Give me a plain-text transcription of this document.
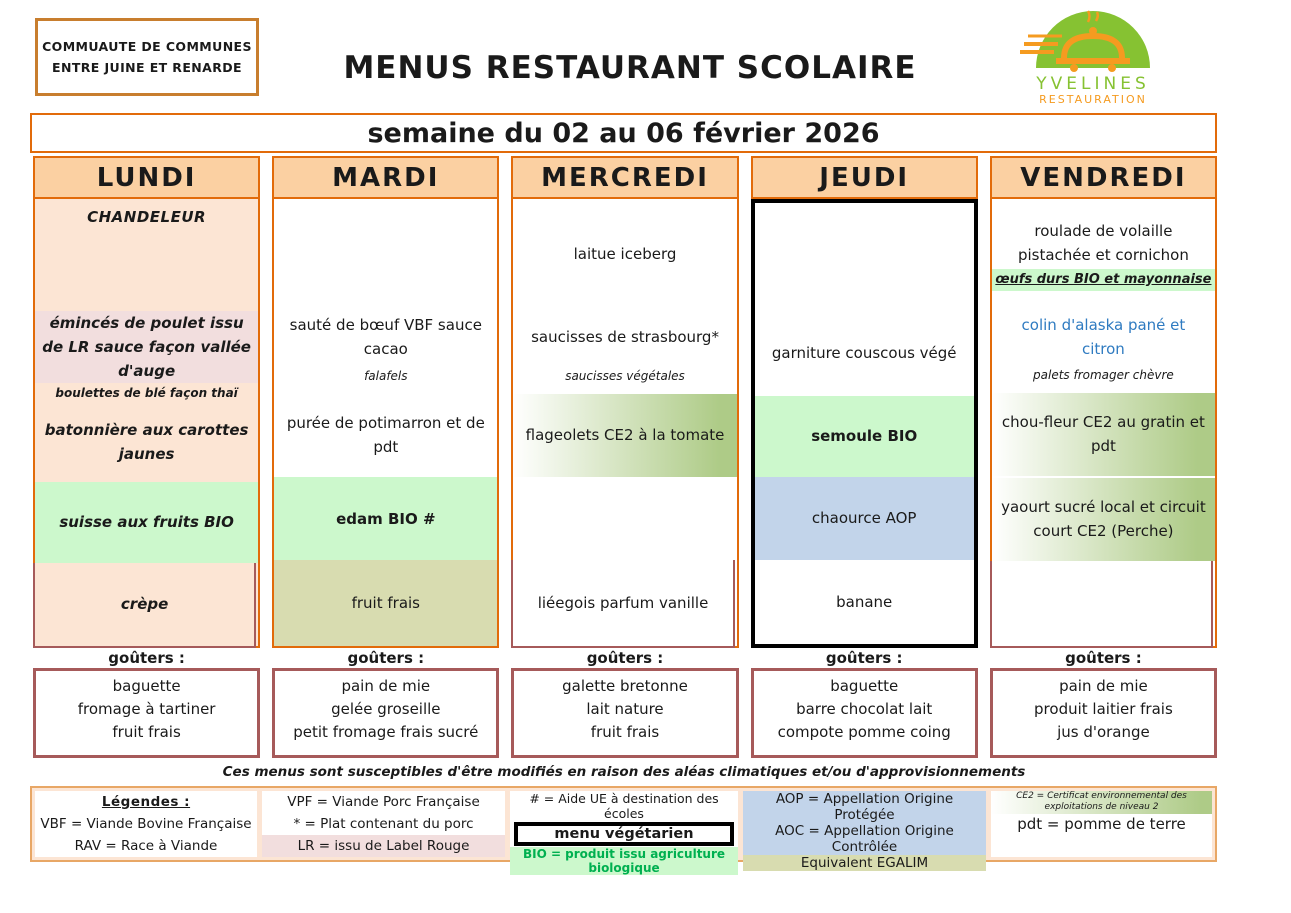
COMMUAUTE DE COMMUNES
ENTRE JUINE ET RENARDE	MENUS RESTAURANT SCOLAIRE	YVELINES
RESTAURATION
semaine du 02 au 06 février 2026
LUNDI
CHANDELEUR
émincés de poulet issu de LR sauce façon vallée d'auge
boulettes de blé façon thaï
batonnière aux carottes jaunes
suisse aux fruits BIO
crèpe
MARDI
sauté de bœuf VBF sauce cacao
falafels
purée de potimarron et de pdt
edam BIO #
fruit frais
MERCREDI
laitue iceberg
saucisses de strasbourg*
saucisses végétales
flageolets CE2 à la tomate
liéegois parfum vanille
JEUDI
garniture couscous végé
semoule BIO
chaource AOP
banane
VENDREDI
roulade de volaille pistachée et cornichon
œufs durs BIO et mayonnaise
colin d'alaska pané et citron
palets fromager chèvre
chou-fleur CE2 au gratin et pdt
yaourt sucré local et circuit court CE2 (Perche)
goûters :
baguette
fromage à tartiner
fruit frais
goûters :
pain de mie
gelée groseille
petit fromage frais sucré
goûters :
galette bretonne
lait nature
fruit frais
goûters :
baguette
barre chocolat lait
compote pomme coing
goûters :
pain de mie
produit laitier frais
jus d'orange
Ces menus sont susceptibles d'être modifiés en raison des aléas climatiques et/ou d'approvisionnements
Légendes :
VBF = Viande Bovine Française
RAV = Race à Viande
VPF = Viande Porc Française
* = Plat contenant du porc
LR = issu de Label Rouge
# = Aide UE à destination des écoles
menu végétarien
BIO = produit issu agriculture biologique
AOP = Appellation Origine Protégée
AOC = Appellation Origine Contrôlée
Equivalent EGALIM
CE2 = Certificat environnemental des exploitations de niveau 2
pdt = pomme de terre
